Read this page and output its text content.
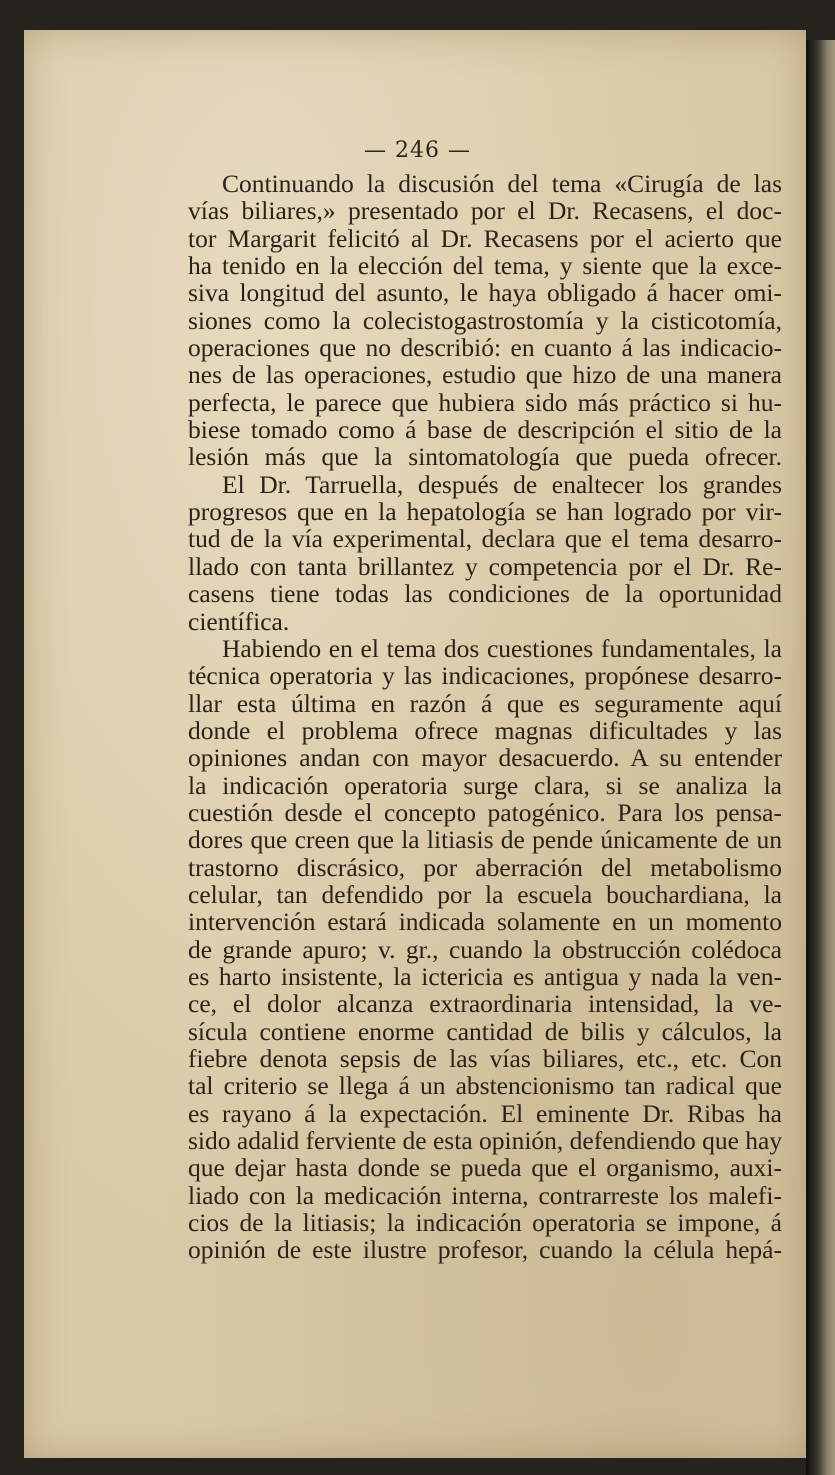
— 246 —
Continuando la discusión del tema «Cirugía de las
vías biliares,» presentado por el Dr. Recasens, el doc-
tor Margarit felicitó al Dr. Recasens por el acierto que
ha tenido en la elección del tema, y siente que la exce-
siva longitud del asunto, le haya obligado á hacer omi-
siones como la colecistogastrostomía y la cisticotomía,
operaciones que no describió: en cuanto á las indicacio-
nes de las operaciones, estudio que hizo de una manera
perfecta, le parece que hubiera sido más práctico si hu-
biese tomado como á base de descripción el sitio de la
lesión más que la sintomatología que pueda ofrecer.
El Dr. Tarruella, después de enaltecer los grandes
progresos que en la hepatología se han logrado por vir-
tud de la vía experimental, declara que el tema desarro-
llado con tanta brillantez y competencia por el Dr. Re-
casens tiene todas las condiciones de la oportunidad
científica.
Habiendo en el tema dos cuestiones fundamentales, la
técnica operatoria y las indicaciones, propónese desarro-
llar esta última en razón á que es seguramente aquí
donde el problema ofrece magnas dificultades y las
opiniones andan con mayor desacuerdo. A su entender
la indicación operatoria surge clara, si se analiza la
cuestión desde el concepto patogénico. Para los pensa-
dores que creen que la litiasis de pende únicamente de un
trastorno discrásico, por aberración del metabolismo
celular, tan defendido por la escuela bouchardiana, la
intervención estará indicada solamente en un momento
de grande apuro; v. gr., cuando la obstrucción colédoca
es harto insistente, la ictericia es antigua y nada la ven-
ce, el dolor alcanza extraordinaria intensidad, la ve-
sícula contiene enorme cantidad de bilis y cálculos, la
fiebre denota sepsis de las vías biliares, etc., etc. Con
tal criterio se llega á un abstencionismo tan radical que
es rayano á la expectación. El eminente Dr. Ribas ha
sido adalid ferviente de esta opinión, defendiendo que hay
que dejar hasta donde se pueda que el organismo, auxi-
liado con la medicación interna, contrarreste los malefi-
cios de la litiasis; la indicación operatoria se impone, á
opinión de este ilustre profesor, cuando la célula hepá-
